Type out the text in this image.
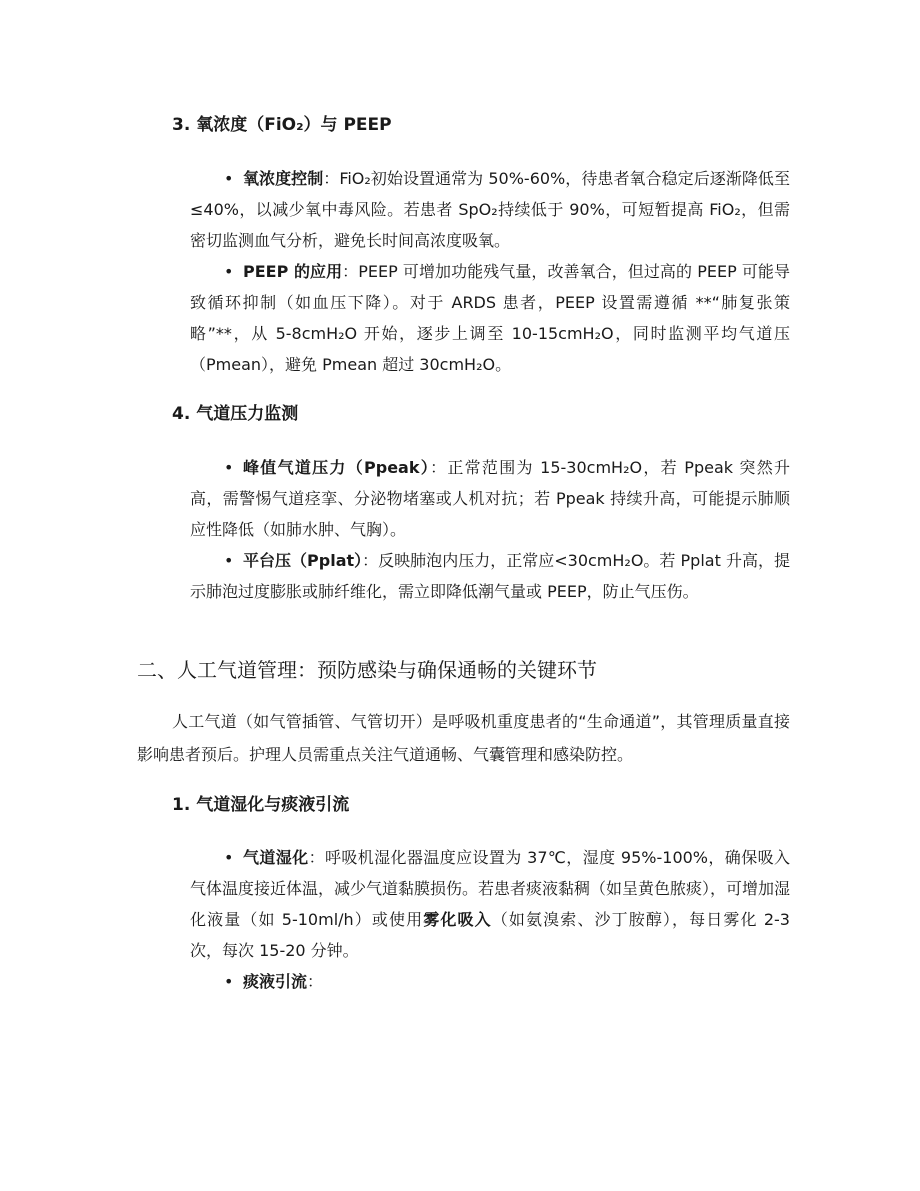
3. 氧浓度（FiO₂）与 PEEP
• 氧浓度控制：FiO₂初始设置通常为 50%-60%，待患者氧合稳定后逐渐降低至≤40%，以减少氧中毒风险。若患者 SpO₂持续低于 90%，可短暂提高 FiO₂，但需密切监测血气分析，避免长时间高浓度吸氧。

• PEEP 的应用：PEEP 可增加功能残气量，改善氧合，但过高的 PEEP 可能导致循环抑制（如血压下降）。对于 ARDS 患者，PEEP 设置需遵循 **“肺复张策略”**，从 5-8cmH₂O 开始，逐步上调至 10-15cmH₂O，同时监测平均气道压（Pmean），避免 Pmean 超过 30cmH₂O。

4. 气道压力监测
• 峰值气道压力（Ppeak）：正常范围为 15-30cmH₂O，若 Ppeak 突然升高，需警惕气道痉挛、分泌物堵塞或人机对抗；若 Ppeak 持续升高，可能提示肺顺应性降低（如肺水肿、气胸）。

• 平台压（Pplat）：反映肺泡内压力，正常应<30cmH₂O。若 Pplat 升高，提示肺泡过度膨胀或肺纤维化，需立即降低潮气量或 PEEP，防止气压伤。

二、人工气道管理：预防感染与确保通畅的关键环节

人工气道（如气管插管、气管切开）是呼吸机重度患者的“生命通道”，其管理质量直接影响患者预后。护理人员需重点关注气道通畅、气囊管理和感染防控。

1. 气道湿化与痰液引流
• 气道湿化：呼吸机湿化器温度应设置为 37℃，湿度 95%-100%，确保吸入气体温度接近体温，减少气道黏膜损伤。若患者痰液黏稠（如呈黄色脓痰），可增加湿化液量（如 5-10ml/h）或使用雾化吸入（如氨溴索、沙丁胺醇），每日雾化 2-3 次，每次 15-20 分钟。

• 痰液引流：
